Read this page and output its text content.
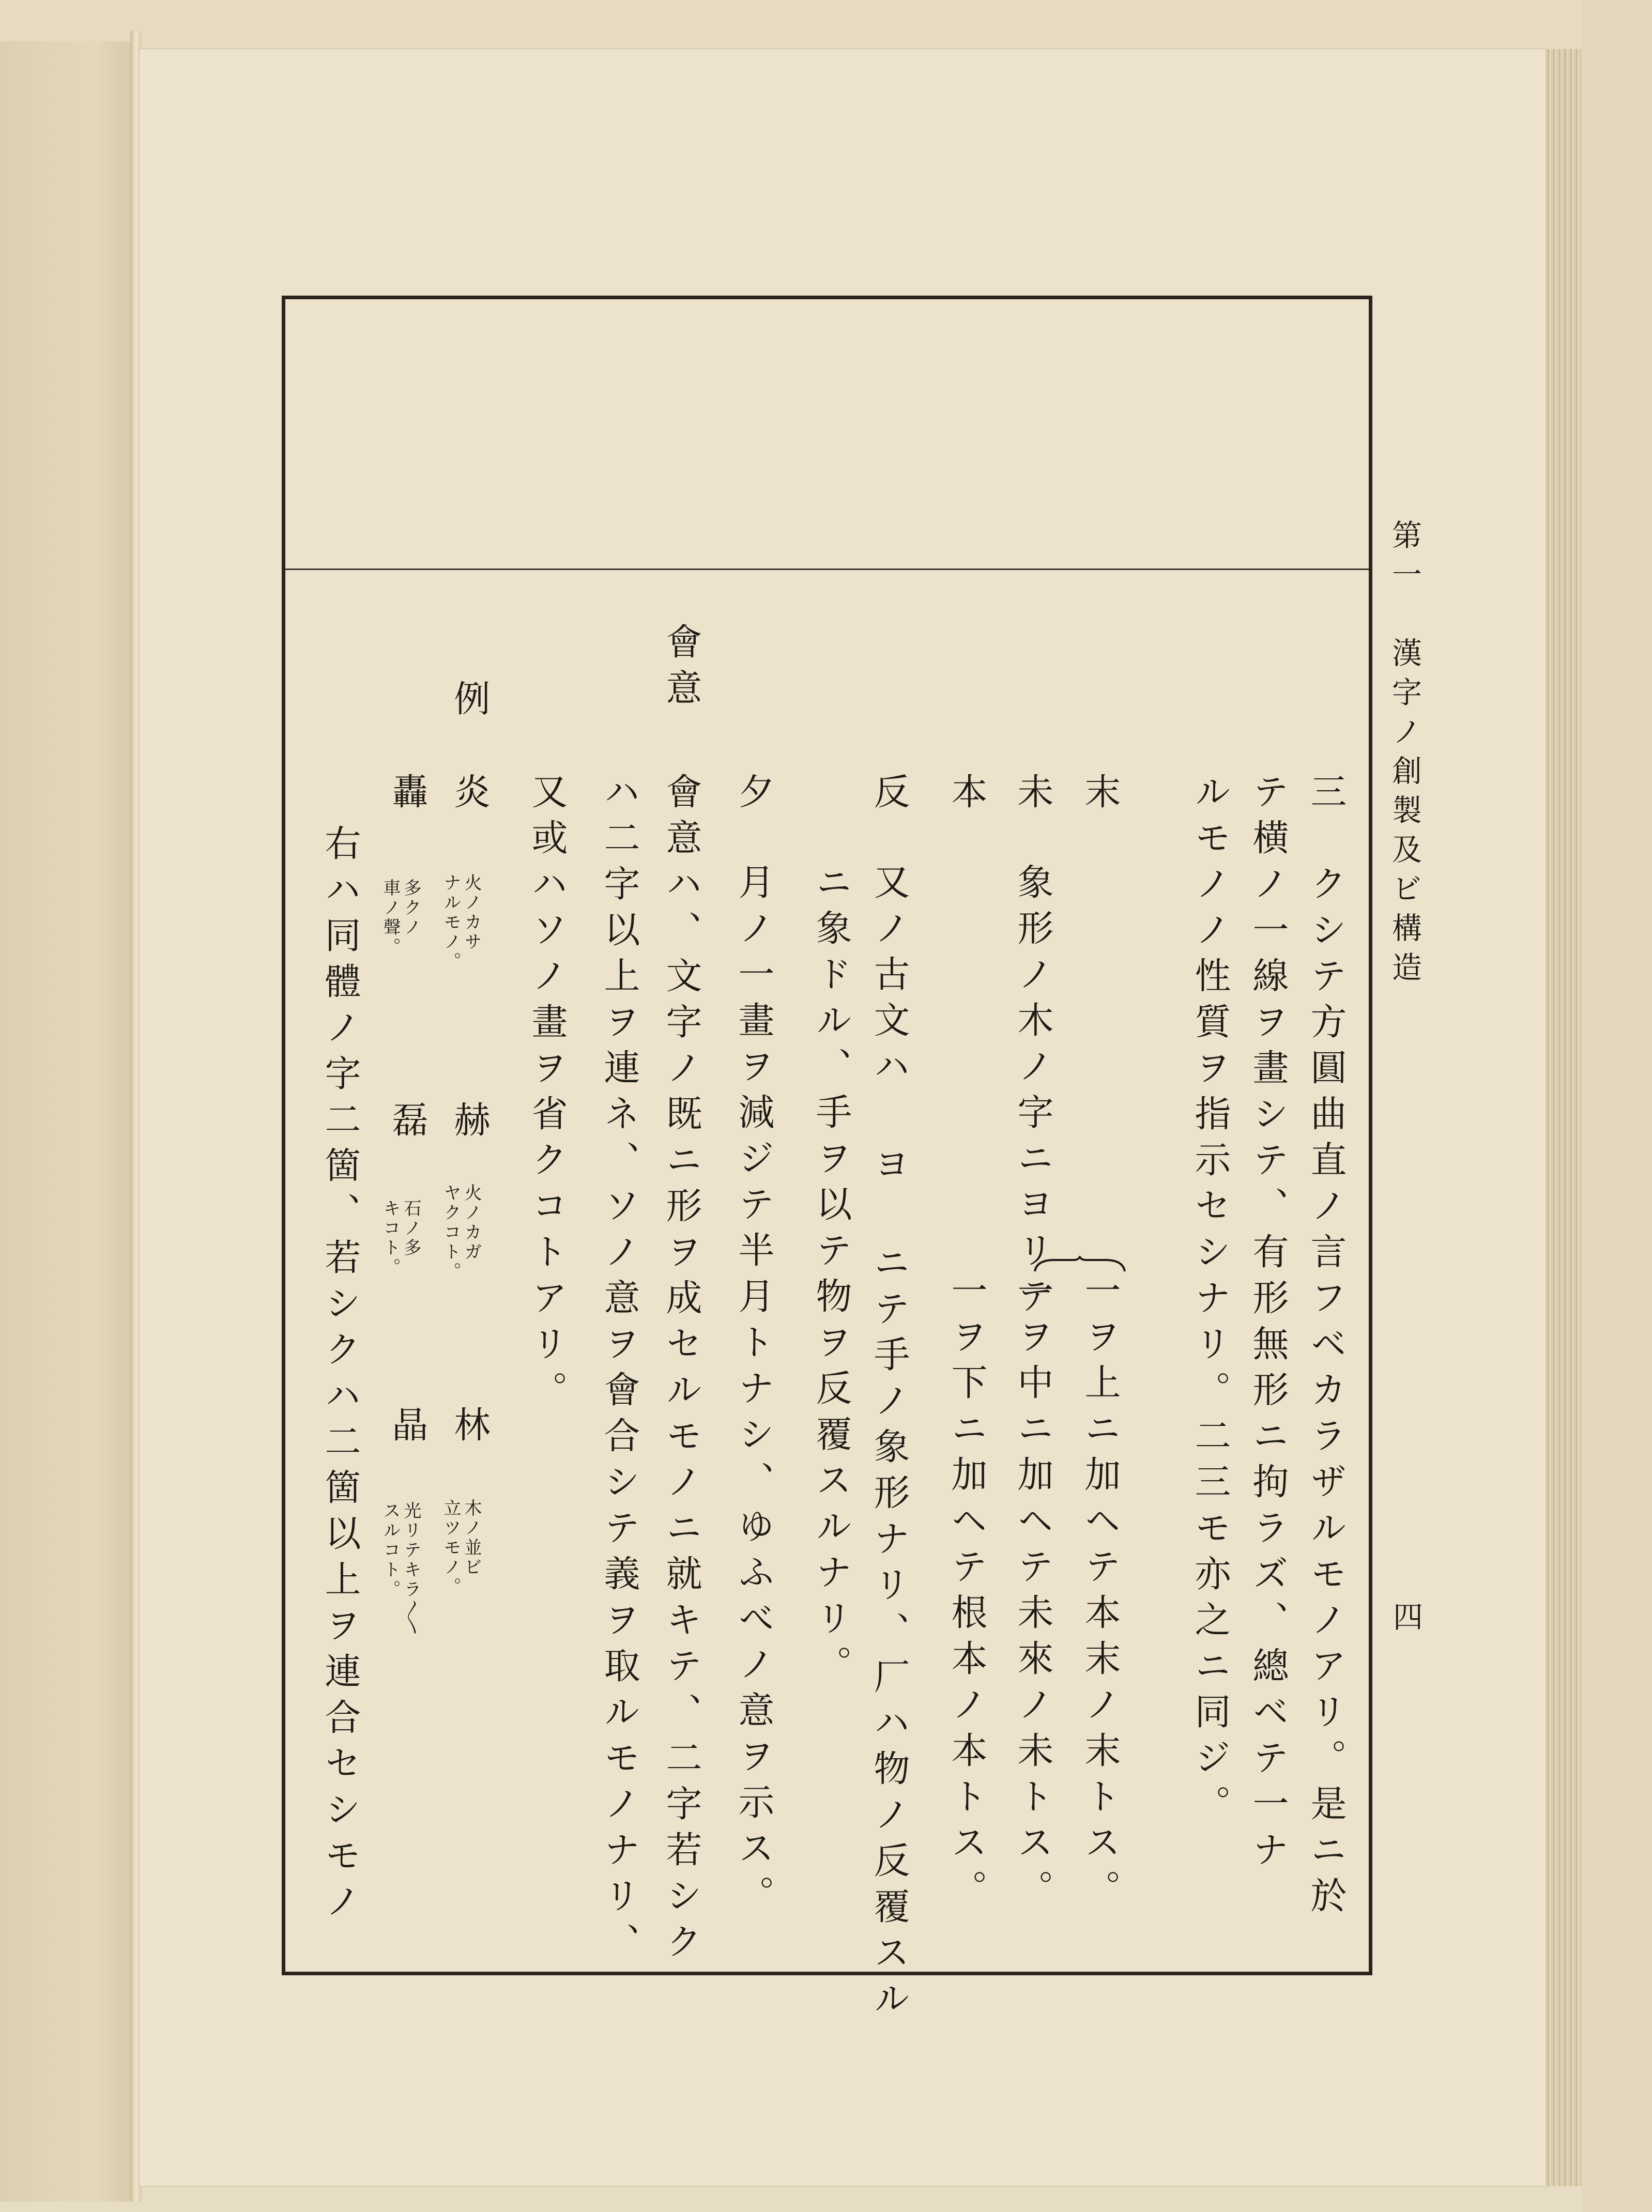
第一　漢字ノ創製及ビ構造
四
三　クシテ方圓曲直ノ言フベカラザルモノアリ。是ニ於
テ横ノ一線ヲ畫シテ、有形無形ニ拘ラズ、總ベテ一ナ
ルモノノ性質ヲ指示セシナリ。二三モ亦之ニ同ジ。
末
一ヲ上ニ加ヘテ本末ノ末トス。
未
象形ノ木ノ字ニヨリテ
一ヲ中ニ加ヘテ未來ノ未トス。
本
一ヲ下ニ加ヘテ根本ノ本トス。
反
又ノ古文ハ ヨ ニテ手ノ象形ナリ、厂ハ物ノ反覆スル
ニ象ドル、手ヲ以テ物ヲ反覆スルナリ。
夕
月ノ一畫ヲ減ジテ半月トナシ、ゆふべノ意ヲ示ス。
會意
會意ハ、文字ノ既ニ形ヲ成セルモノニ就キテ、二字若シク
ハ二字以上ヲ連ネ、ソノ意ヲ會合シテ義ヲ取ルモノナリ、
又或ハソノ畫ヲ省クコトアリ。
例
炎
火ノカサ
ナルモノ。
赫
火ノカガ
ヤクコト。
林
木ノ並ビ
立ツモノ。
轟
多クノ
車ノ聲。
磊
石ノ多
キコト。
晶
光リテキラ〳〵
スルコト。
右ハ同體ノ字二箇、若シクハ二箇以上ヲ連合セシモノ
